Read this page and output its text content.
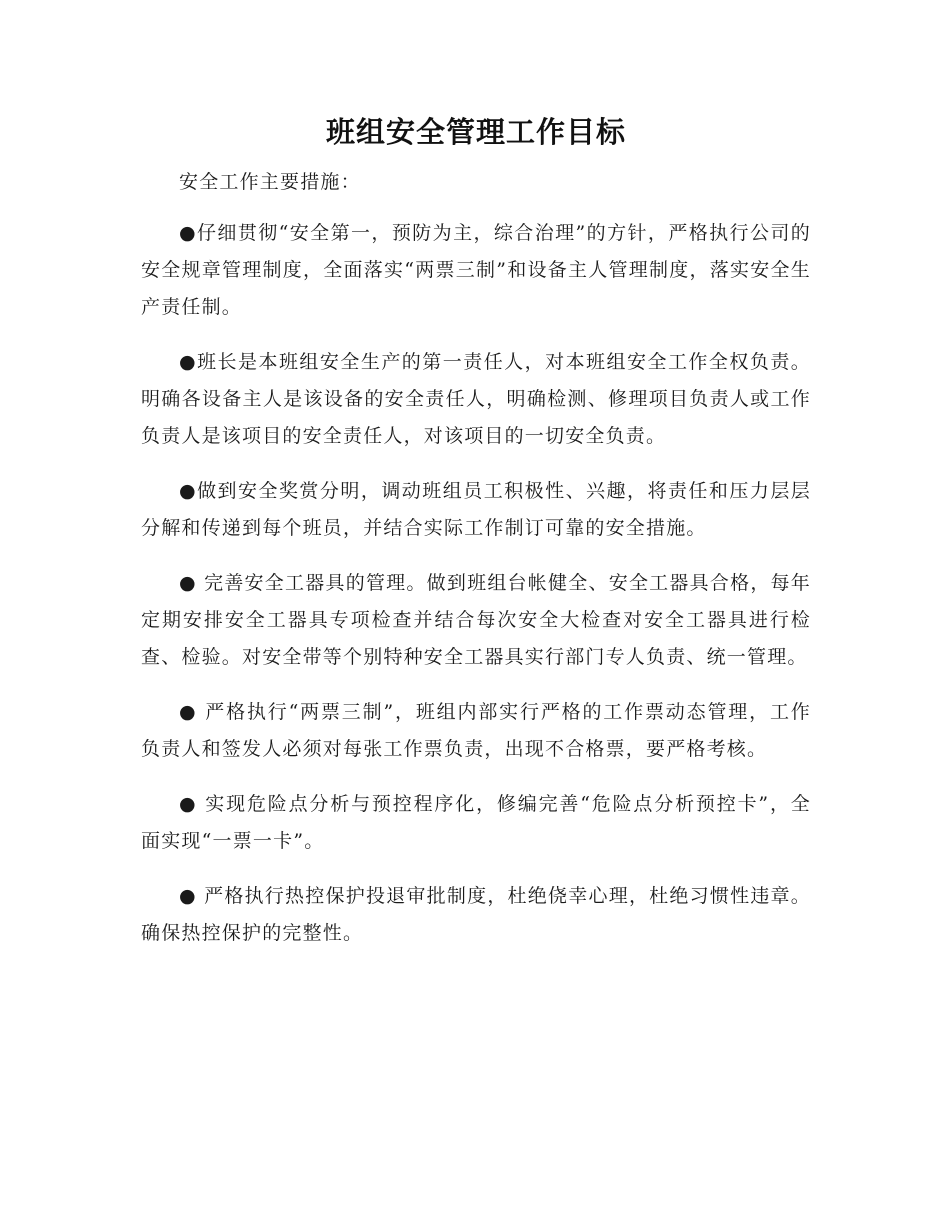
班组安全管理工作目标

安全工作主要措施：

●仔细贯彻“安全第一，预防为主，综合治理”的方针，严格执行公司的安全规章管理制度，全面落实“两票三制”和设备主人管理制度，落实安全生产责任制。

●班长是本班组安全生产的第一责任人，对本班组安全工作全权负责。明确各设备主人是该设备的安全责任人，明确检测、修理项目负责人或工作负责人是该项目的安全责任人，对该项目的一切安全负责。

●做到安全奖赏分明，调动班组员工积极性、兴趣，将责任和压力层层分解和传递到每个班员，并结合实际工作制订可靠的安全措施。

● 完善安全工器具的管理。做到班组台帐健全、安全工器具合格，每年定期安排安全工器具专项检查并结合每次安全大检查对安全工器具进行检查、检验。对安全带等个别特种安全工器具实行部门专人负责、统一管理。

● 严格执行“两票三制”，班组内部实行严格的工作票动态管理，工作负责人和签发人必须对每张工作票负责，出现不合格票，要严格考核。

● 实现危险点分析与预控程序化，修编完善“危险点分析预控卡”，全面实现“一票一卡”。

● 严格执行热控保护投退审批制度，杜绝侥幸心理，杜绝习惯性违章。确保热控保护的完整性。
